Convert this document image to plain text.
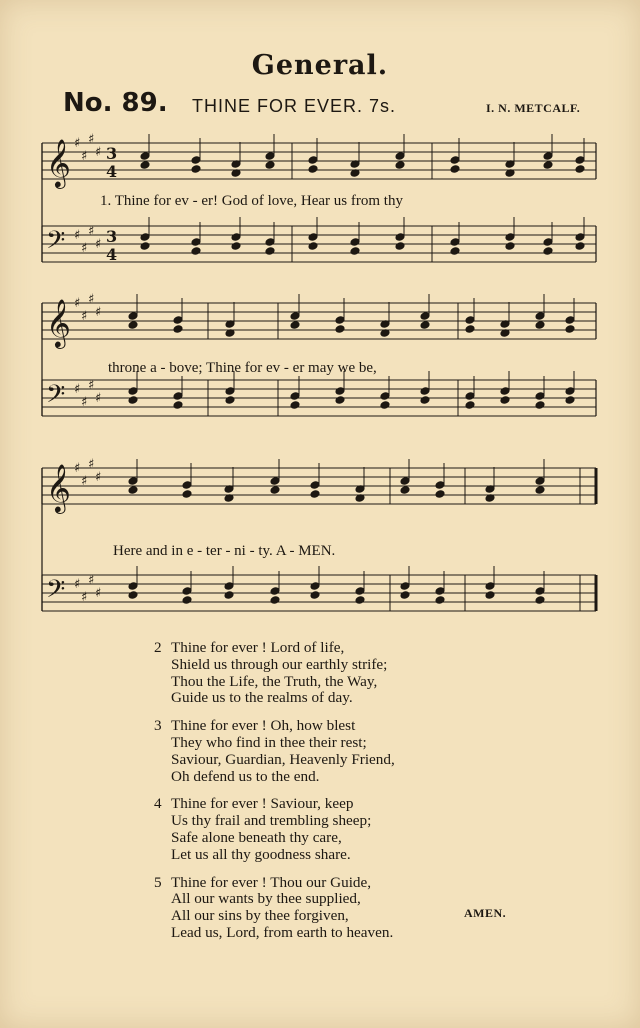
General.
No. 89. THINE FOR EVER. 7s.	I. N. METCALF.
𝄞 ♯
♯
♯
♯ 3
4
𝄢 ♯
♯
♯
♯ 3
4
𝄞 ♯
♯
♯
♯
𝄢 ♯
♯
♯
♯
𝄞 ♯
♯
♯
♯
𝄢 ♯
♯
♯
♯
1. Thine for ev - er! God of love, Hear us from thy
throne a - bove; Thine for ev - er may we be,
Here and in e - ter - ni - ty. A - MEN.
2 Thine for ever ! Lord of life,
Shield us through our earthly strife;
Thou the Life, the Truth, the Way,
Guide us to the realms of day.
3 Thine for ever ! Oh, how blest
They who find in thee their rest;
Saviour, Guardian, Heavenly Friend,
Oh defend us to the end.
4 Thine for ever ! Saviour, keep
Us thy frail and trembling sheep;
Safe alone beneath thy care,
Let us all thy goodness share.
5 Thine for ever ! Thou our Guide,
All our wants by thee supplied,
All our sins by thee forgiven,
Lead us, Lord, from earth to heaven.
AMEN.
